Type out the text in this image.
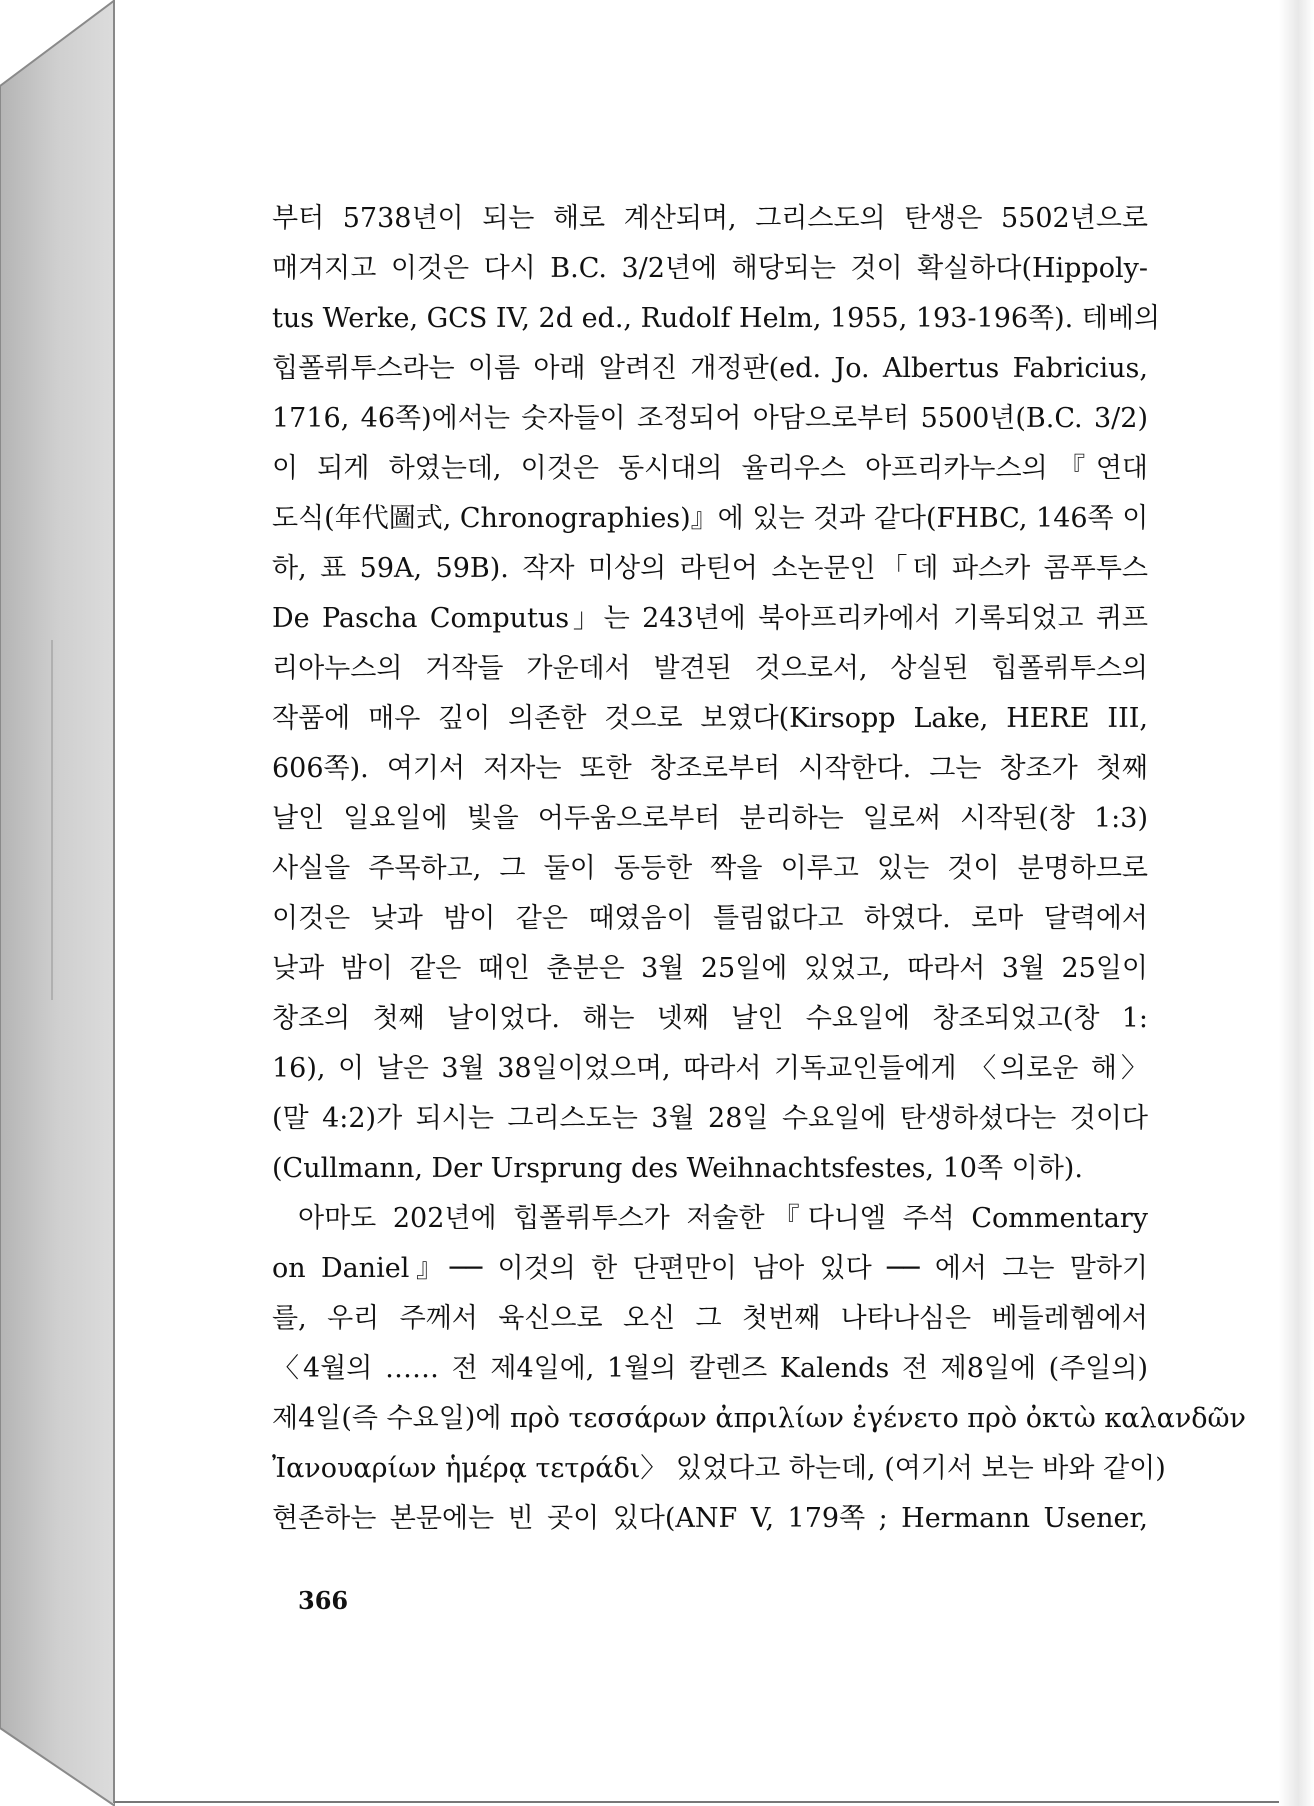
부터 5738년이 되는 해로 계산되며, 그리스도의 탄생은 5502년으로
매겨지고 이것은 다시 B.C. 3/2년에 해당되는 것이 확실하다(Hippoly-
tus Werke, GCS IV, 2d ed., Rudolf Helm, 1955, 193-196쪽). 테베의
힙폴뤼투스라는 이름 아래 알려진 개정판(ed. Jo. Albertus Fabricius,
1716, 46쪽)에서는 숫자들이 조정되어 아담으로부터 5500년(B.C. 3/2)
이 되게 하였는데, 이것은 동시대의 율리우스 아프리카누스의『연대
도식(年代圖式, Chronographies)』에 있는 것과 같다(FHBC, 146쪽 이
하, 표 59A, 59B). 작자 미상의 라틴어 소논문인「데 파스카 콤푸투스
De Pascha Computus」는 243년에 북아프리카에서 기록되었고 퀴프
리아누스의 거작들 가운데서 발견된 것으로서, 상실된 힙폴뤼투스의
작품에 매우 깊이 의존한 것으로 보였다(Kirsopp Lake, HERE III,
606쪽). 여기서 저자는 또한 창조로부터 시작한다. 그는 창조가 첫째
날인 일요일에 빛을 어두움으로부터 분리하는 일로써 시작된(창 1:3)
사실을 주목하고, 그 둘이 동등한 짝을 이루고 있는 것이 분명하므로
이것은 낮과 밤이 같은 때였음이 틀림없다고 하였다. 로마 달력에서
낮과 밤이 같은 때인 춘분은 3월 25일에 있었고, 따라서 3월 25일이
창조의 첫째 날이었다. 해는 넷째 날인 수요일에 창조되었고(창 1:
16), 이 날은 3월 38일이었으며, 따라서 기독교인들에게 〈의로운 해〉
(말 4:2)가 되시는 그리스도는 3월 28일 수요일에 탄생하셨다는 것이다
(Cullmann, Der Ursprung des Weihnachtsfestes, 10쪽 이하).
아마도 202년에 힙폴뤼투스가 저술한『다니엘 주석 Commentary
on Daniel』── 이것의 한 단편만이 남아 있다 ── 에서 그는 말하기
를, 우리 주께서 육신으로 오신 그 첫번째 나타나심은 베들레헴에서
〈4월의 …… 전 제4일에, 1월의 칼렌즈 Kalends 전 제8일에 (주일의)
제4일(즉 수요일)에 πρὸ τεσσάρων ἀπριλίων ἐγένετο πρὸ ὀκτὼ καλανδῶν
Ἰανουαρίων ἡμέρᾳ τετράδι〉 있었다고 하는데, (여기서 보는 바와 같이)
현존하는 본문에는 빈 곳이 있다(ANF V, 179쪽 ; Hermann Usener,
366
